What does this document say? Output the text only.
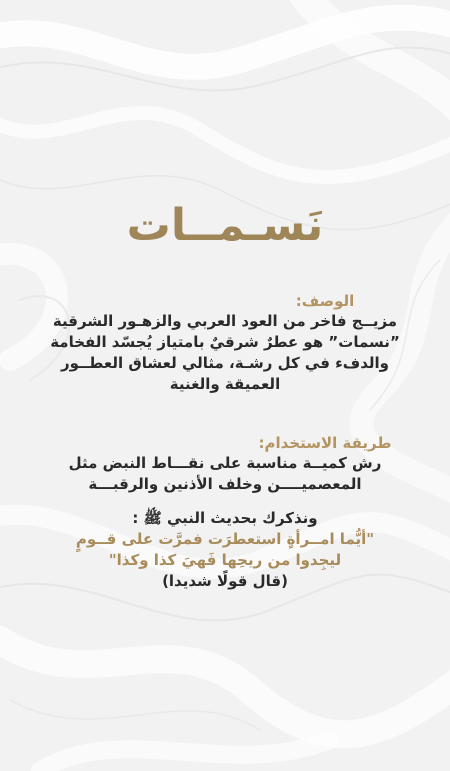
نَسـمــات
الوصف:
مزيــج فاخر من العود العربي والزهـور الشرقية
”نسمات” هو عطرٌ شرقيٌ بامتياز يُجسّد الفخامة
والدفء في كل رشـة، مثالي لعشاق العطــور
العميقة والغنية
طريقة الاستخدام:
رش كميــة مناسبة على نقـــاط النبض مثل
المعصميــــن وخلف الأذنين والرقبـــة
ونذكرك بحديث النبي ﷺ :
"أيُّما امــرأةٍ استعطرَت فمرَّت على قــومٍ
ليجِدوا من ريحِها فَهيَ كذا وكذا"
(قال قولًا شديدا)
